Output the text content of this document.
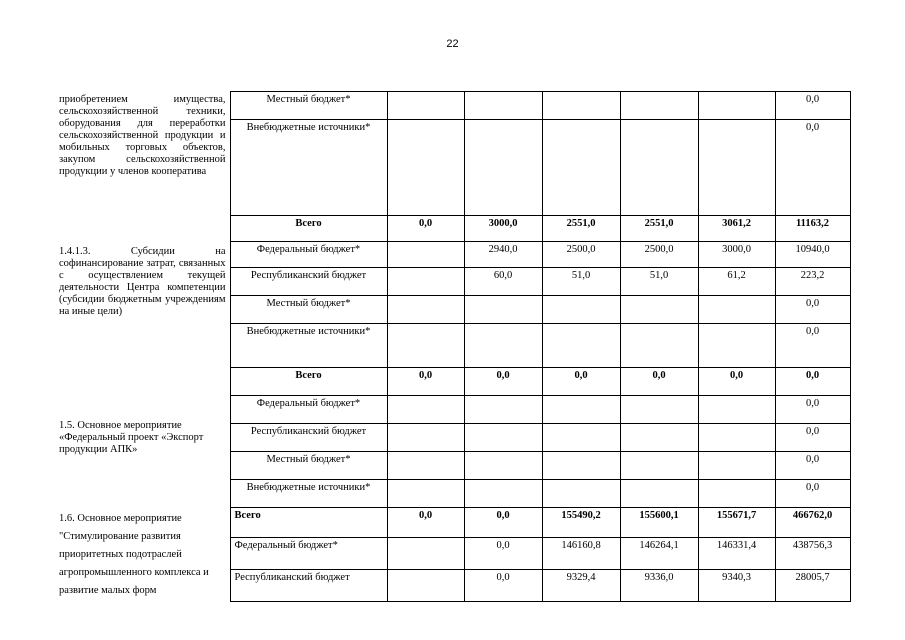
22
приобретением имущества, сельскохозяйственной техники, оборудования для переработки сельскохозяйственной продукции и мобильных торговых объектов, закупом сельскохозяйственной продукции у членов кооператива	Местный бюджет*						0,0
	Внебюджетные источники*						0,0
1.4.1.3. Субсидии на софинансирование затрат, связанных с осуществлением текущей деятельности Центра компетенции (субсидии бюджетным учреждениям на иные цели)	Всего	0,0	3000,0	2551,0	2551,0	3061,2	11163,2
	Федеральный бюджет*		2940,0	2500,0	2500,0	3000,0	10940,0
	Республиканский бюджет		60,0	51,0	51,0	61,2	223,2
	Местный бюджет*						0,0
	Внебюджетные источники*						0,0
1.5. Основное мероприятие «Федеральный проект «Экспорт продукции АПК»	Всего	0,0	0,0	0,0	0,0	0,0	0,0
	Федеральный бюджет*						0,0
	Республиканский бюджет						0,0
	Местный бюджет*						0,0
	Внебюджетные источники*						0,0
1.6. Основное мероприятие "Стимулирование развития приоритетных подотраслей агропромышленного комплекса и развитие малых форм	Всего	0,0	0,0	155490,2	155600,1	155671,7	466762,0
	Федеральный бюджет*		0,0	146160,8	146264,1	146331,4	438756,3
	Республиканский бюджет		0,0	9329,4	9336,0	9340,3	28005,7
